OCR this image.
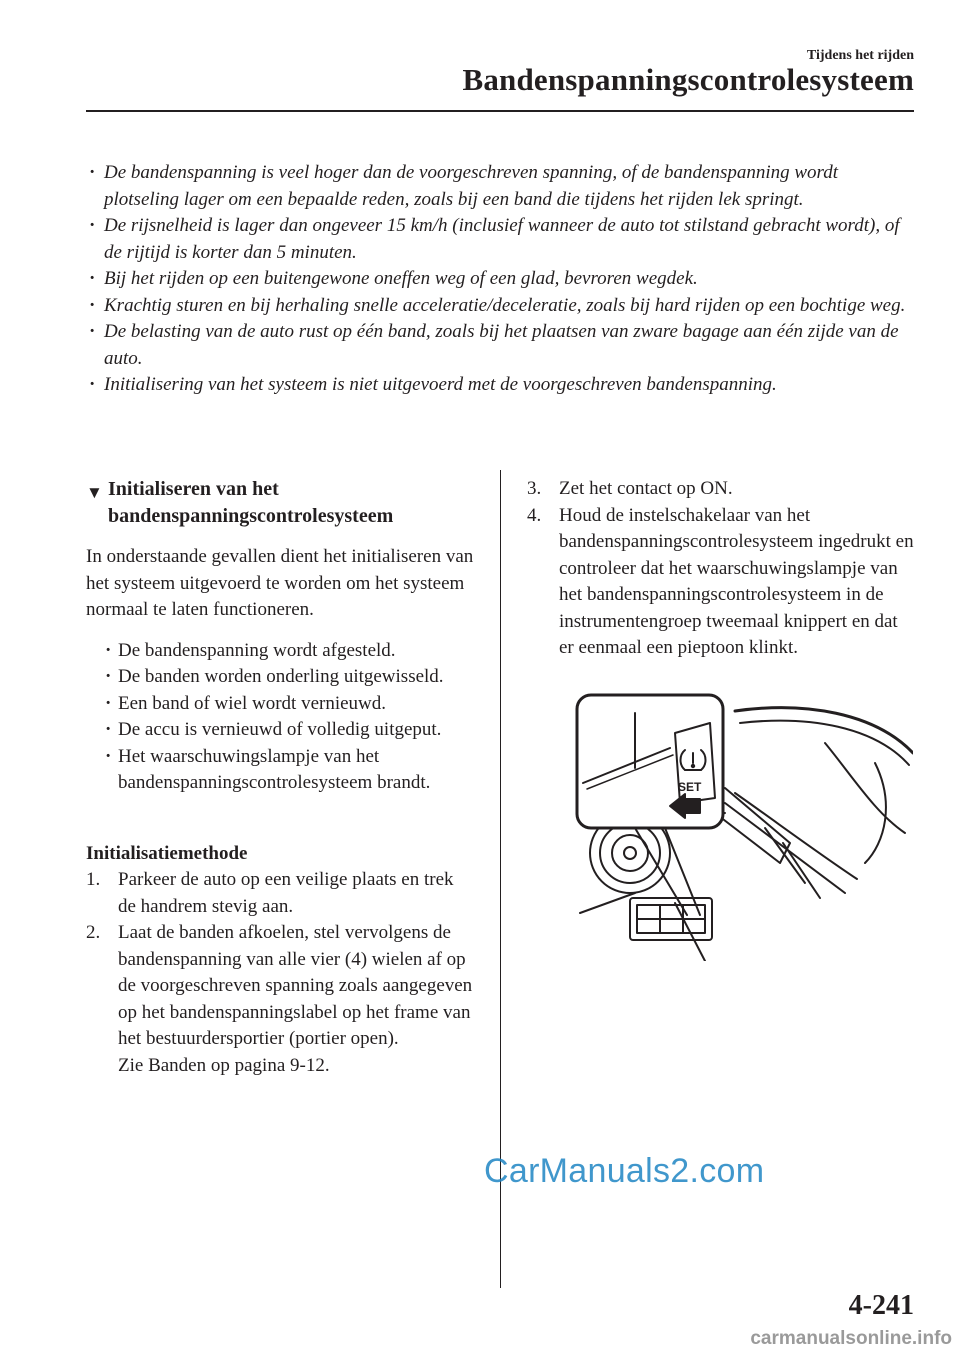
Tijdens het rijden
Bandenspanningscontrolesysteem
· De bandenspanning is veel hoger dan de voorgeschreven spanning, of de bandenspanning wordt plotseling lager om een bepaalde reden, zoals bij een band die tijdens het rijden lek springt.
· De rijsnelheid is lager dan ongeveer 15 km/h (inclusief wanneer de auto tot stilstand gebracht wordt), of de rijtijd is korter dan 5 minuten.
· Bij het rijden op een buitengewone oneffen weg of een glad, bevroren wegdek.
· Krachtig sturen en bij herhaling snelle acceleratie/deceleratie, zoals bij hard rijden op een bochtige weg.
· De belasting van de auto rust op één band, zoals bij het plaatsen van zware bagage aan één zijde van de auto.
· Initialisering van het systeem is niet uitgevoerd met de voorgeschreven bandenspanning.
▼ Initialiseren van het
bandenspanningscontrolesysteem

In onderstaande gevallen dient het initialiseren van het systeem uitgevoerd te worden om het systeem normaal te laten functioneren.

· De bandenspanning wordt afgesteld.
· De banden worden onderling uitgewisseld.
· Een band of wiel wordt vernieuwd.
· De accu is vernieuwd of volledig uitgeput.
· Het waarschuwingslampje van het bandenspanningscontrolesysteem brandt.

Initialisatiemethode

1. Parkeer de auto op een veilige plaats en trek de handrem stevig aan.
2. Laat de banden afkoelen, stel vervolgens de bandenspanning van alle vier (4) wielen af op de voorgeschreven spanning zoals aangegeven op het bandenspanningslabel op het frame van het bestuurdersportier (portier open).
Zie Banden op pagina 9-12.
3. Zet het contact op ON.
4. Houd de instelschakelaar van het bandenspanningscontrolesysteem ingedrukt en controleer dat het waarschuwingslampje van het bandenspanningscontrolesysteem in de instrumentengroep tweemaal knippert en dat er eenmaal een pieptoon klinkt.
SET
CarManuals2.com
4-241
carmanualsonline.info
